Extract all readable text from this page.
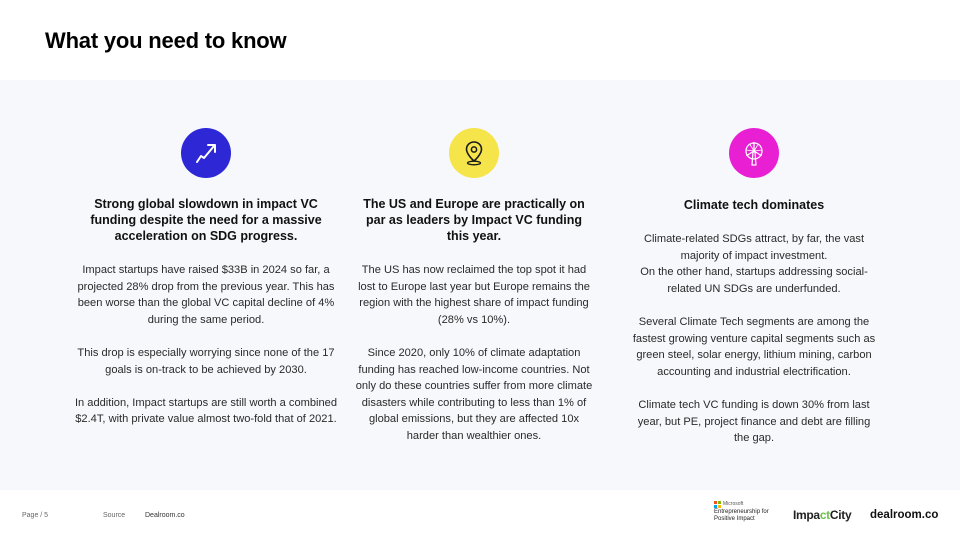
What you need to know
Strong global slowdown in impact VC funding despite the need for a massive acceleration on SDG progress.

Impact startups have raised $33B in 2024 so far, a projected 28% drop from the previous year. This has been worse than the global VC capital decline of 4% during the same period.

This drop is especially worrying since none of the 17 goals is on-track to be achieved by 2030.

In addition, Impact startups are still worth a combined $2.4T, with private value almost two-fold that of 2021.

The US and Europe are practically on par as leaders by Impact VC funding this year.

The US has now reclaimed the top spot it had lost to Europe last year but Europe remains the region with the highest share of impact funding (28% vs 10%).

Since 2020, only 10% of climate adaptation funding has reached low-income countries. Not only do these countries suffer from more climate disasters while contributing to less than 1% of global emissions, but they are affected 10x harder than wealthier ones.

Climate tech dominates

Climate-related SDGs attract, by far, the vast majority of impact investment.

On the other hand, startups addressing social-related UN SDGs are underfunded.

Several Climate Tech segments are among the fastest growing venture capital segments such as green steel, solar energy, lithium mining, carbon accounting and industrial electrification.

Climate tech VC funding is down 30% from last year, but PE, project finance and debt are filling the gap.

Page / 5	Source	Dealroom.co
Microsoft
Entrepreneurship for Positive Impact	ImpactCity dealroom.co
